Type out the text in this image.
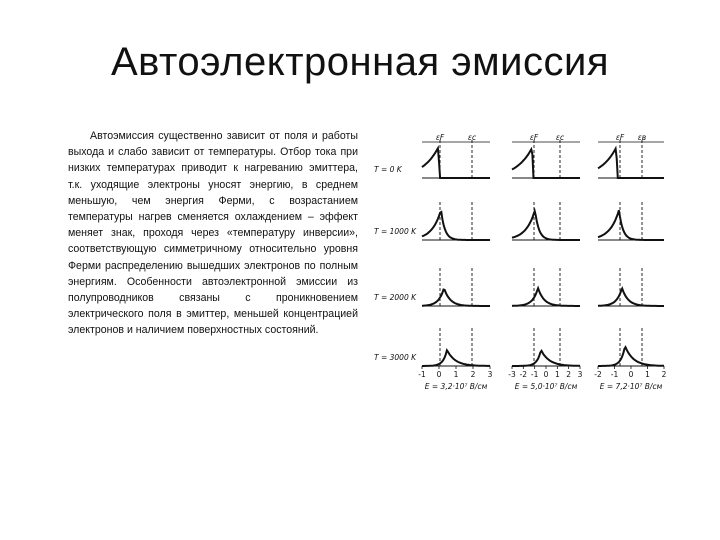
Автоэлектронная эмиссия
Автоэмиссия существенно зависит от поля и работы выхода и слабо зависит от температуры. Отбор тока при низких температурах приводит к нагреванию эмиттера, т.к. уходящие электроны уносят энергию, в среднем меньшую, чем энергия Ферми, с возрастанием температуры нагрев сменяется охлаждением – эффект меняет знак, проходя через «температуру инверсии», соответствующую симметричному относительно уровня Ферми распределению вышедших электронов по полным энергиям. Особенности автоэлектронной эмиссии из полупроводников связаны с проникновением электрического поля в эмиттер, меньшей концентрацией электронов и наличием поверхностных состояний.
T = 0 K
T = 1000 K
T = 2000 K
T = 3000 K
εF	εc	εF εc	εF εв
-1 0 1 2 3
E = 3,2·10⁷ В/см
-3 -2 -1 0 1 2 3
E = 5,0·10⁷ В/см
-2 -1 0 1 2
E = 7,2·10⁷ В/см
